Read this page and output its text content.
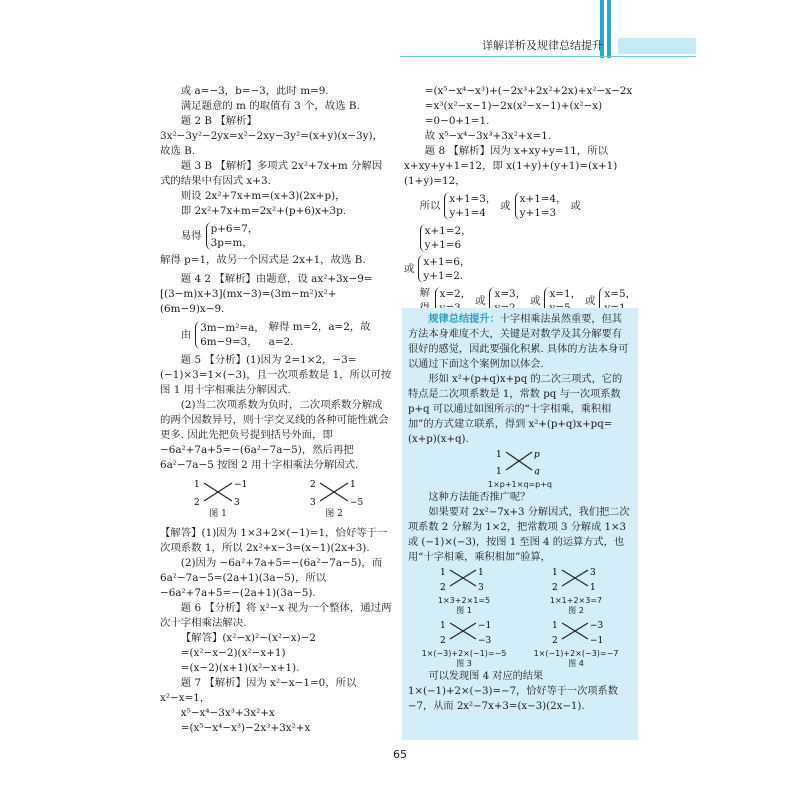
详解详析及规律总结提升

或 a=−3，b=−3，此时 m=9.

满足题意的 m 的取值有 3 个，故选 B.

题 2 B 【解析】3x²−3y²−2yx=x²−2xy−3y²=(x+y)(x−3y)，故选 B.

题 3 B 【解析】多项式 2x²+7x+m 分解因式的结果中有因式 x+3.

则设 2x²+7x+m=(x+3)(2x+p)，

即 2x²+7x+m=2x²+(p+6)x+3p.

易得
p+6=7，
3p=m，

解得 p=1，故另一个因式是 2x+1，故选 B.

题 4 2 【解析】由题意，设 ax²+3x−9=[(3−m)x+3](mx−3)=(3m−m²)x²+(6m−9)x−9.

由
3m−m²=a，
6m−9=3，
解得 m=2，a=2，故 a=2.

题 5 【分析】(1)因为 2=1×2，−3=(−1)×3=1×(−3)，且一次项系数是 1，所以可按图 1 用十字相乘法分解因式.

(2)当二次项系数为负时，二次项系数分解成的两个因数异号，则十字交叉线的各种可能性就会更多. 因此先把负号提到括号外面，即 −6a²+7a+5=−(6a²−7a−5)，然后再把 6a²−7a−5 按图 2 用十字相乘法分解因式.

1	−1
2	3
图 1
2	1
3	−5
图 2

【解答】(1)因为 1×3+2×(−1)=1，恰好等于一次项系数 1，所以 2x²+x−3=(x−1)(2x+3).

(2)因为 −6a²+7a+5=−(6a²−7a−5)，而 6a²−7a−5=(2a+1)(3a−5)，所以 −6a²+7a+5=−(2a+1)(3a−5).

题 6 【分析】将 x²−x 视为一个整体，通过两次十字相乘法解决.

【解答】(x²−x)²−(x²−x)−2

=(x²−x−2)(x²−x+1)

=(x−2)(x+1)(x²−x+1).

题 7 【解析】因为 x²−x−1=0，所以 x²−x=1，

x⁵−x⁴−3x³+3x²+x

=(x⁵−x⁴−x³)−2x³+3x²+x

=(x⁵−x⁴−x³)+(−2x³+2x²+2x)+x²−x−2x

=x³(x²−x−1)−2x(x²−x−1)+(x²−x)

=0−0+1=1.

故 x⁵−x⁴−3x³+3x²+x=1.

题 8 【解析】因为 x+xy+y=11，所以 x+xy+y+1=12，即 x(1+y)+(y+1)=(x+1)(1+y)=12，

所以
x+1=3，
y+1=4
或
x+1=4，
y+1=3
或
x+1=2，
y+1=6
或
x+1=6，
y+1=2.
解 x=2，

或
x=3，

或
x=1，

或
x=5，

规律总结提升：十字相乘法虽然重要，但其方法本身难度不大，关键是对数学及其分解要有很好的感觉，因此要强化积累. 具体的方法本身可以通过下面这个案例加以体会.

形如 x²+(p+q)x+pq 的二次三项式，它的特点是二次项系数是 1，常数 pq 与一次项系数 p+q 可以通过如图所示的“十字相乘，乘积相加”的方式建立联系，得到 x²+(p+q)x+pq=(x+p)(x+q).

1	p
1	q
1×p+1×q=p+q

这种方法能否推广呢？

如果要对 2x²−7x+3 分解因式，我们把二次项系数 2 分解为 1×2，把常数项 3 分解成 1×3 或 (−1)×(−3)，按图 1 至图 4 的运算方式，也用“十字相乘，乘积相加”验算，

1	1
2	3
1×3+2×1=5
图 1
1	3
2	1
1×1+2×3=7
图 2
1	−1
2	−3
1×(−3)+2×(−1)=−5
图 3
1	−3
2	−1
1×(−1)+2×(−3)=−7
图 4

可以发现图 4 对应的结果 1×(−1)+2×(−3)=−7，恰好等于一次项系数 −7，从而 2x²−7x+3=(x−3)(2x−1).

65
